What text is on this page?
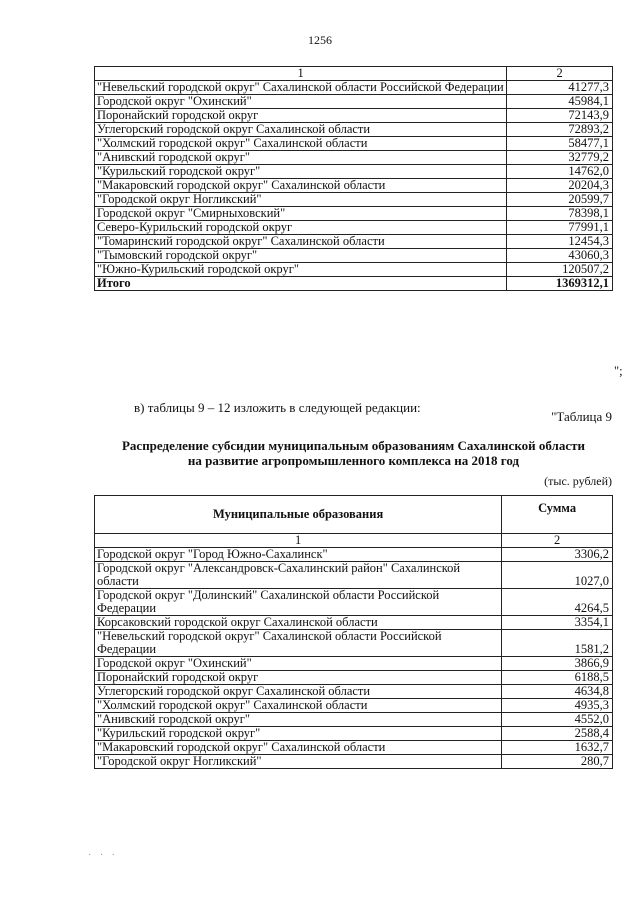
1256
1	2
"Невельский городской округ" Сахалинской области Российской Федерации	41277,3
Городской округ "Охинский"	45984,1
Поронайский городской округ	72143,9
Углегорский городской округ Сахалинской области	72893,2
"Холмский городской округ" Сахалинской области	58477,1
"Анивский городской округ"	32779,2
"Курильский городской округ"	14762,0
"Макаровский городской округ" Сахалинской области	20204,3
"Городской округ Ногликский"	20599,7
Городской округ "Смирныховский"	78398,1
Северо-Курильский городской округ	77991,1
"Томаринский городской округ" Сахалинской области	12454,3
"Тымовский городской округ"	43060,3
"Южно-Курильский городской округ"	120507,2
Итого	1369312,1
";
в) таблицы 9 – 12 изложить в следующей редакции:
"Таблица 9
Распределение субсидии муниципальным образованиям Сахалинской области
на развитие агропромышленного комплекса на 2018 год
(тыс. рублей)
Муниципальные образования	Сумма
1	2
Городской округ "Город Южно-Сахалинск"	3306,2
Городской округ "Александровск-Сахалинский район" Сахалинской области	1027,0
Городской округ "Долинский" Сахалинской области Российской Федерации	4264,5
Корсаковский городской округ Сахалинской области	3354,1
"Невельский городской округ" Сахалинской области Российской Федерации	1581,2
Городской округ "Охинский"	3866,9
Поронайский городской округ	6188,5
Углегорский городской округ Сахалинской области	4634,8
"Холмский городской округ" Сахалинской области	4935,3
"Анивский городской округ"	4552,0
"Курильский городской округ"	2588,4
"Макаровский городской округ" Сахалинской области	1632,7
"Городской округ Ногликский"	280,7
· · ·
